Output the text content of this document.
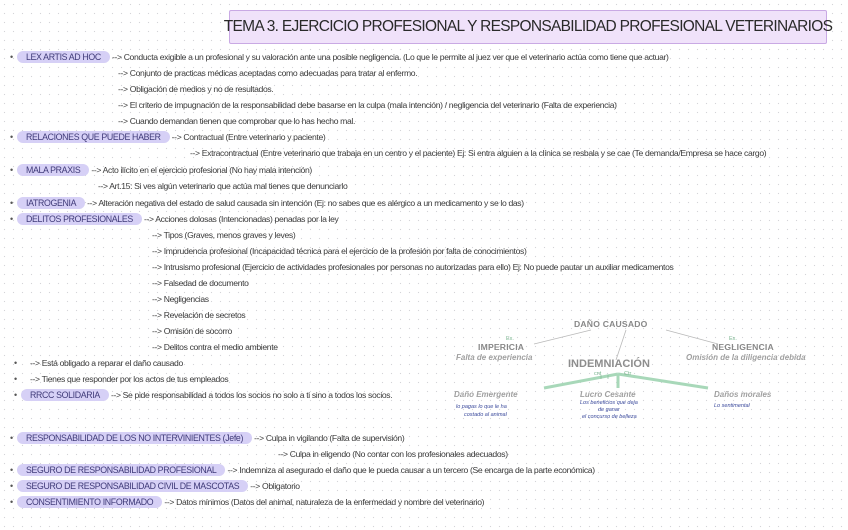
TEMA 3. EJERCICIO PROFESIONAL Y RESPONSABILIDAD PROFESIONAL VETERINARIOS
• LEX ARTIS AD HOC --> Conducta exigible a un profesional y su valoración ante una posible negligencia. (Lo que le permite al juez ver que el veterinario actúa como tiene que actuar)
--> Conjunto de practicas médicas aceptadas como adecuadas para tratar al enfermo.
--> Obligación de medios y no de resultados.
--> El criterio de impugnación de la responsabilidad debe basarse en la culpa (mala intención) / negligencia del veterinario (Falta de experiencia)
--> Cuando demandan tienen que comprobar que lo has hecho mal.
• RELACIONES QUE PUEDE HABER --> Contractual (Entre veterinario y paciente)
--> Extracontractual (Entre veterinario que trabaja en un centro y el paciente) Ej: Si entra alguien a la clínica se resbala y se cae (Te demanda/Empresa se hace cargo)
• MALA PRAXIS --> Acto ilícito en el ejercicio profesional (No hay mala intención)
--> Art.15: Si ves algún veterinario que actúa mal tienes que denunciarlo
• IATROGENIA --> Alteración negativa del estado de salud causada sin intención (Ej: no sabes que es alérgico a un medicamento y se lo das)
• DELITOS PROFESIONALES --> Acciones dolosas (Intencionadas) penadas por la ley
--> Tipos (Graves, menos graves y leves)
--> Imprudencia profesional (Incapacidad técnica para el ejercicio de la profesión por falta de conocimientos)
--> Intrusismo profesional (Ejercicio de actividades profesionales por personas no autorizadas para ello) Ej: No puede pautar un auxiliar medicamentos
--> Falsedad de documento
--> Negligencias
--> Revelación de secretos
--> Omisión de socorro
--> Delitos contra el medio ambiente
• --> Está obligado a reparar el daño causado
• --> Tienes que responder por los actos de tus empleados
• RRCC SOLIDARIA --> Se pide responsabilidad a todos los socios no solo a ti sino a todos los socios.
• RESPONSABILIDAD DE LOS NO INTERVINIENTES (Jefe) --> Culpa in vigilando (Falta de supervisión)
--> Culpa in eligendo (No contar con los profesionales adecuados)
• SEGURO DE RESPONSABILIDAD PROFESIONAL --> Indemniza al asegurado el daño que le pueda causar a un tercero (Se encarga de la parte económica)
• SEGURO DE RESPONSABILIDAD CIVIL DE MASCOTAS --> Obligatorio
• CONSENTIMIENTO INFORMADO --> Datos mínimos (Datos del animal, naturaleza de la enfermedad y nombre del veterinario)
DAÑO CAUSADO
Ex.
IMPERICIA
Falta de experiencia
Ex.
NEGLIGENCIA
Omisión de la diligencia debida
INDEMNIACIÓN
cnt	Ctr
Daño Emergente
lo pagas lo que le ha
costado al animal
Lucro Cesante
Los beneficios que deja
de ganar
el concurso de belleza
Daños morales
Lo sentimental
